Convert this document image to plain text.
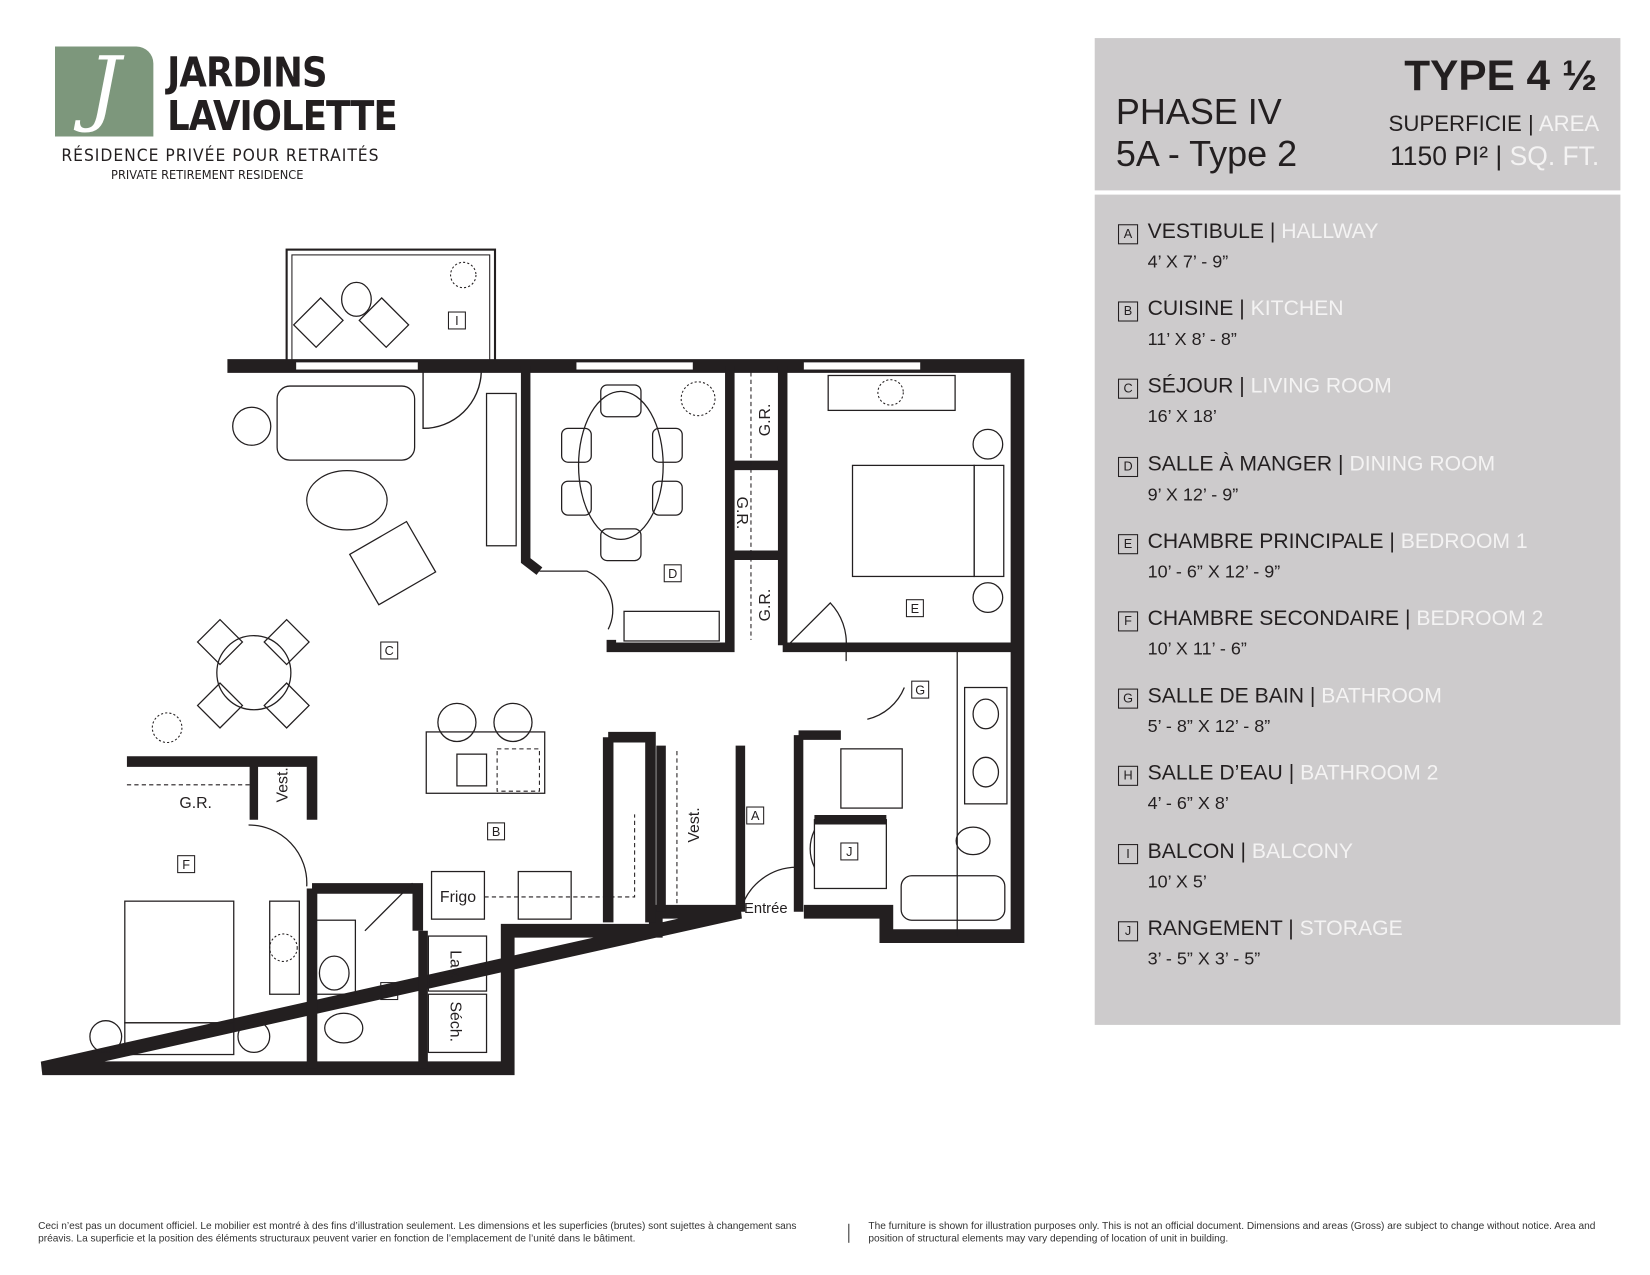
J	JARDINS
LAVIOLETTE
RÉSIDENCE PRIVÉE POUR RETRAITÉS
PRIVATE RETIREMENT RESIDENCE
PHASE IV
5A - Type 2
TYPE 4 ½
SUPERFICIE | AREA
1150 PI² | SQ. FT.
A VESTIBULE | HALLWAY
4’ X 7’ - 9”
B CUISINE | KITCHEN
11’ X 8’ - 8”
C SÉJOUR | LIVING ROOM
16’ X 18’
D SALLE À MANGER | DINING ROOM
9’ X 12’ - 9”
E CHAMBRE PRINCIPALE | BEDROOM 1
10’ - 6” X 12’ - 9”
F CHAMBRE SECONDAIRE | BEDROOM 2
10’ X 11’ - 6”
G SALLE DE BAIN | BATHROOM
5’ - 8” X 12’ - 8”
H SALLE D’EAU | BATHROOM 2
4’ - 6” X 8’
I BALCON | BALCONY
10’ X 5’
J RANGEMENT | STORAGE
3’ - 5” X 3’ - 5”
A
B
C
D
E
F
G
H
I
J
G.R.
G.R.
G.R.
G.R.
Vest.
Vest.
Frigo
Entrée
Lav.
Séch.
Ceci n’est pas un document officiel. Le mobilier est montré à des fins d’illustration seulement. Les dimensions et les superficies (brutes) sont sujettes à changement sans préavis. La superficie et la position des éléments structuraux peuvent varier en fonction de l’emplacement de l’unité dans le bâtiment.
The furniture is shown for illustration purposes only. This is not an official document. Dimensions and areas (Gross) are subject to change without notice. Area and position of structural elements may vary depending of location of unit in building.
